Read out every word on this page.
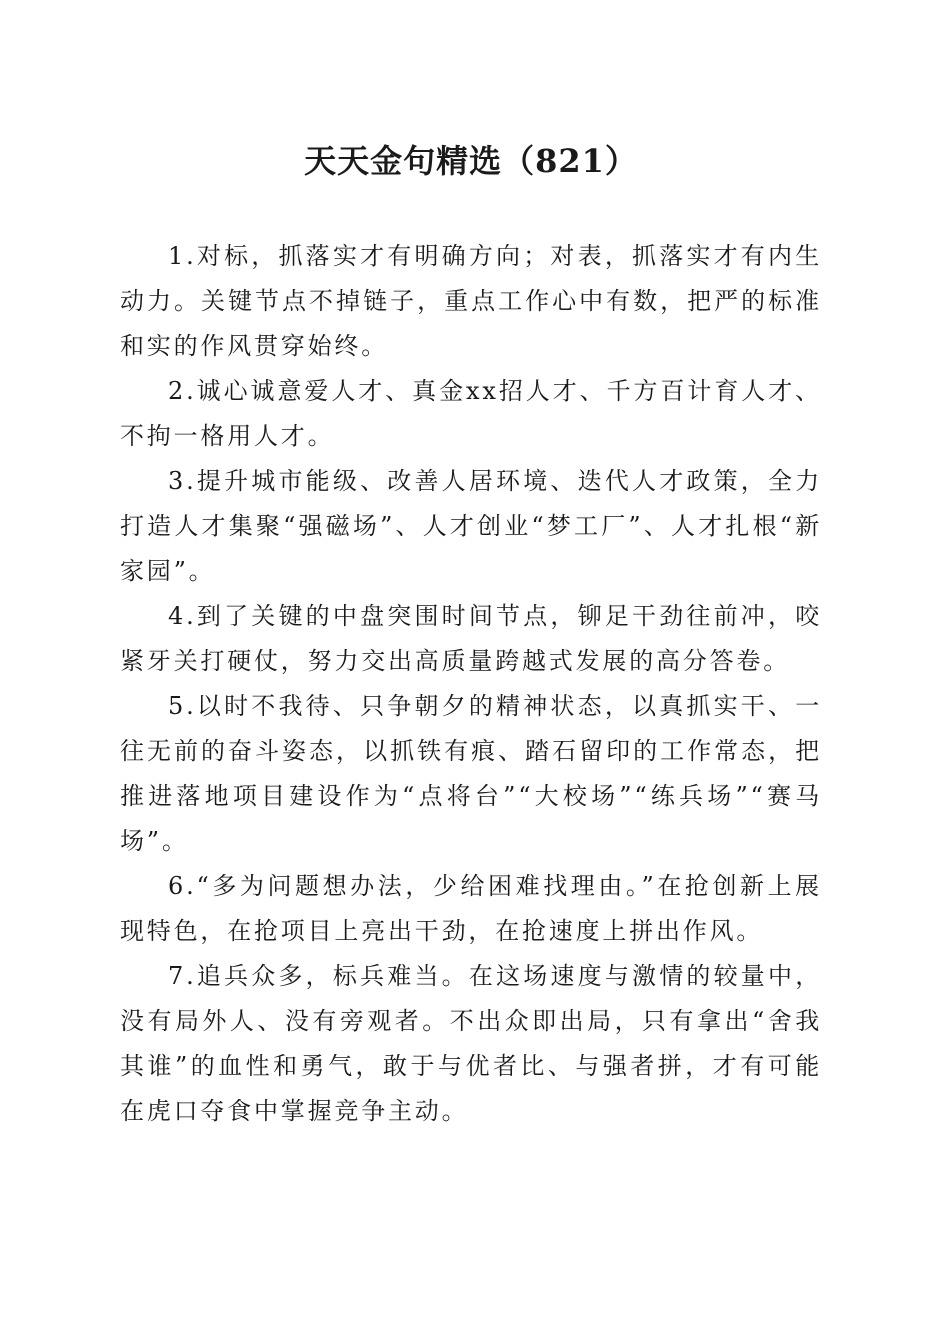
天天金句精选（821）

1.对标，抓落实才有明确方向；对表，抓落实才有内生动力。关键节点不掉链子，重点工作心中有数，把严的标准和实的作风贯穿始终。

2.诚心诚意爱人才、真金xx招人才、千方百计育人才、不拘一格用人才。

3.提升城市能级、改善人居环境、迭代人才政策，全力打造人才集聚“强磁场”、人才创业“梦工厂”、人才扎根“新家园”。

4.到了关键的中盘突围时间节点，铆足干劲往前冲，咬紧牙关打硬仗，努力交出高质量跨越式发展的高分答卷。

5.以时不我待、只争朝夕的精神状态，以真抓实干、一往无前的奋斗姿态，以抓铁有痕、踏石留印的工作常态，把推进落地项目建设作为“点将台”“大校场”“练兵场”“赛马场”。

6.“多为问题想办法，少给困难找理由。”在抢创新上展现特色，在抢项目上亮出干劲，在抢速度上拼出作风。

7.追兵众多，标兵难当。在这场速度与激情的较量中，没有局外人、没有旁观者。不出众即出局，只有拿出“舍我其谁”的血性和勇气，敢于与优者比、与强者拼，才有可能在虎口夺食中掌握竞争主动。
